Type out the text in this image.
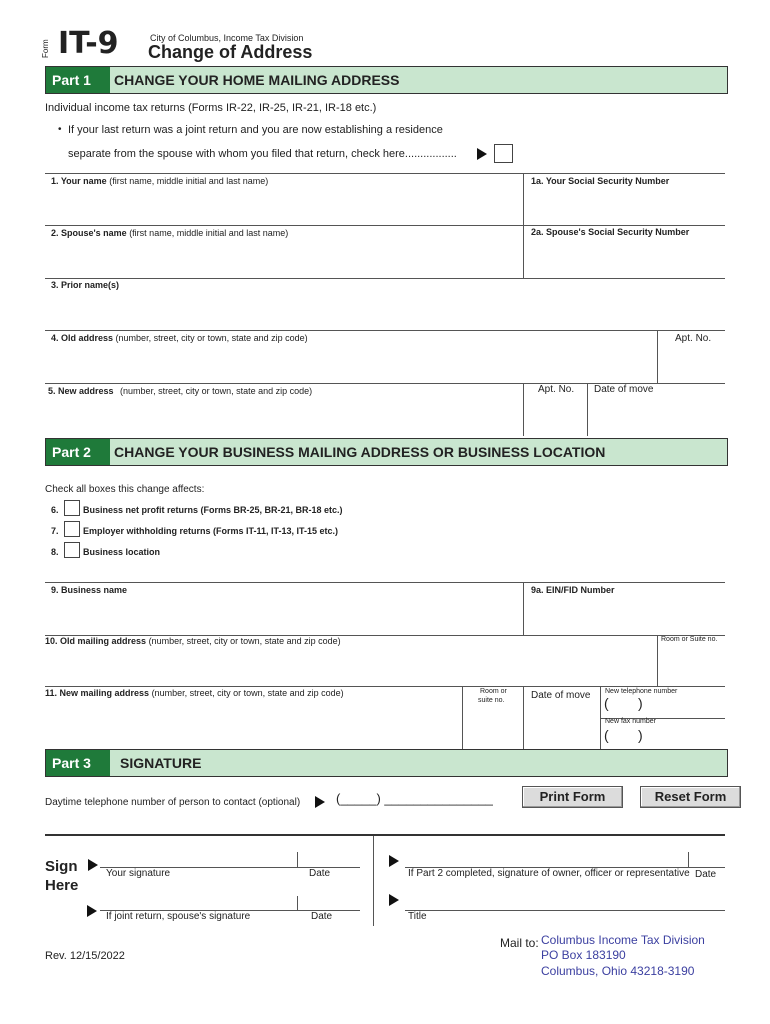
Form IT-9	City of Columbus, Income Tax Division
Change of Address
Part 1	CHANGE YOUR HOME MAILING ADDRESS
Individual income tax returns (Forms IR-22, IR-25, IR-21, IR-18 etc.)
• If your last return was a joint return and you are now establishing a residence
separate from the spouse with whom you filed that return, check here.................
1. Your name (first name, middle initial and last name)	1a. Your Social Security Number
2. Spouse's name (first name, middle initial and last name)	2a. Spouse's Social Security Number
3. Prior name(s)
4. Old address (number, street, city or town, state and zip code)	Apt. No.
5. New address (number, street, city or town, state and zip code)	Apt. No. Date of move
Part 2	CHANGE YOUR BUSINESS MAILING ADDRESS OR BUSINESS LOCATION
Check all boxes this change affects:
6.	Business net profit returns (Forms BR-25, BR-21, BR-18 etc.)
7.	Employer withholding returns (Forms IT-11, IT-13, IT-15 etc.)
8.	Business location
9. Business name	9a. EIN/FID Number
10. Old mailing address (number, street, city or town, state and zip code)	Room or Suite no.
11. New mailing address (number, street, city or town, state and zip code)	Room or
suite no.	Date of move New telephone number
( )
New fax number
( )
Part 3	SIGNATURE
Daytime telephone number of person to contact (optional)	(_____) _______________	Print Form	Reset Form
Sign
Here
Your signature	Date
If joint return, spouse's signature	Date
If Part 2 completed, signature of owner, officer or representative Date
Title
Rev. 12/15/2022
Mail to: Columbus Income Tax Division
PO Box 183190
Columbus, Ohio 43218-3190
